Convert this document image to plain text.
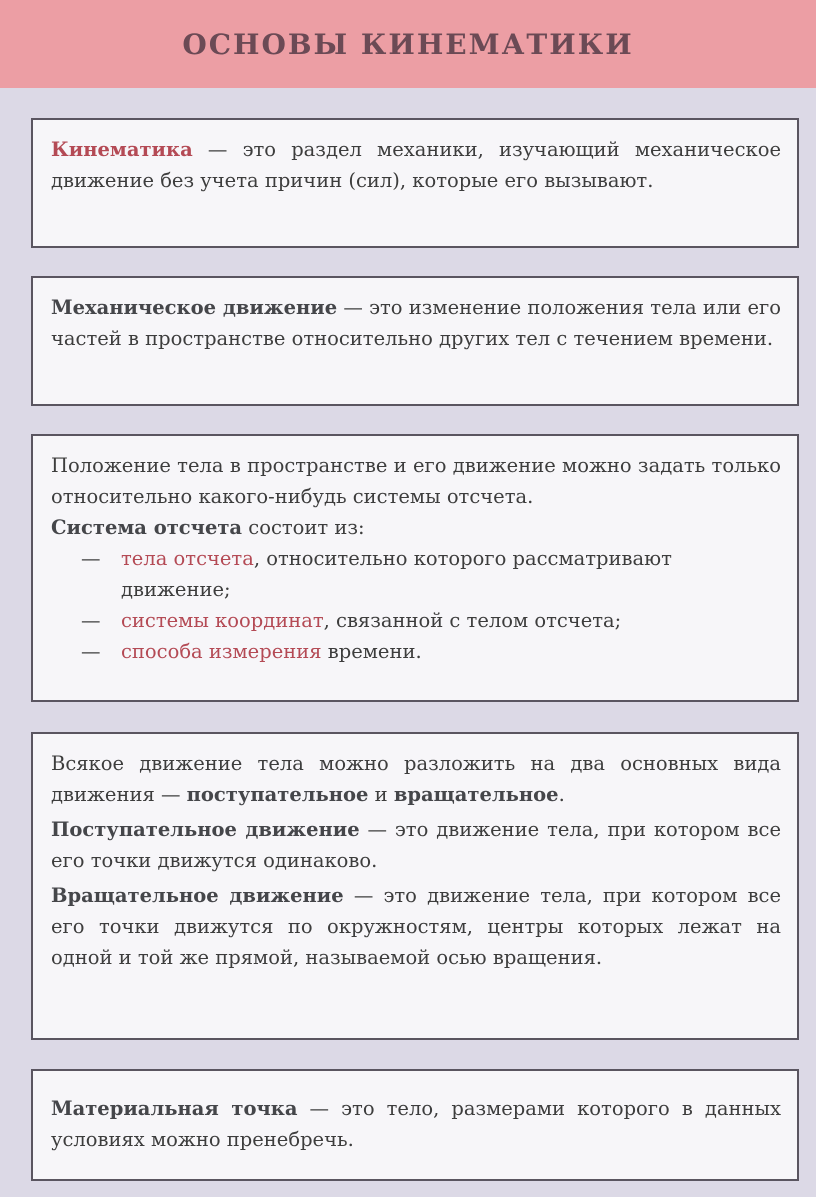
ОСНОВЫ КИНЕМАТИКИ

Кинематика — это раздел механики, изучающий механическое движение без учета причин (сил), которые его вызывают.

Механическое движение — это изменение положения тела или его частей в пространстве относительно других тел с течением времени.

Положение тела в пространстве и его движение можно задать только относительно какого-нибудь системы отсчета.

Система отсчета состоит из:

— тела отсчета, относительно которого рассматривают движение;
— системы координат, связанной с телом отсчета;
— способа измерения времени.

Всякое движение тела можно разложить на два основных вида движения — поступательное и вращательное.

Поступательное движение — это движение тела, при котором все его точки движутся одинаково.

Вращательное движение — это движение тела, при котором все его точки движутся по окружностям, центры которых лежат на одной и той же прямой, называемой осью вращения.

Материальная точка — это тело, размерами которого в данных условиях можно пренебречь.
